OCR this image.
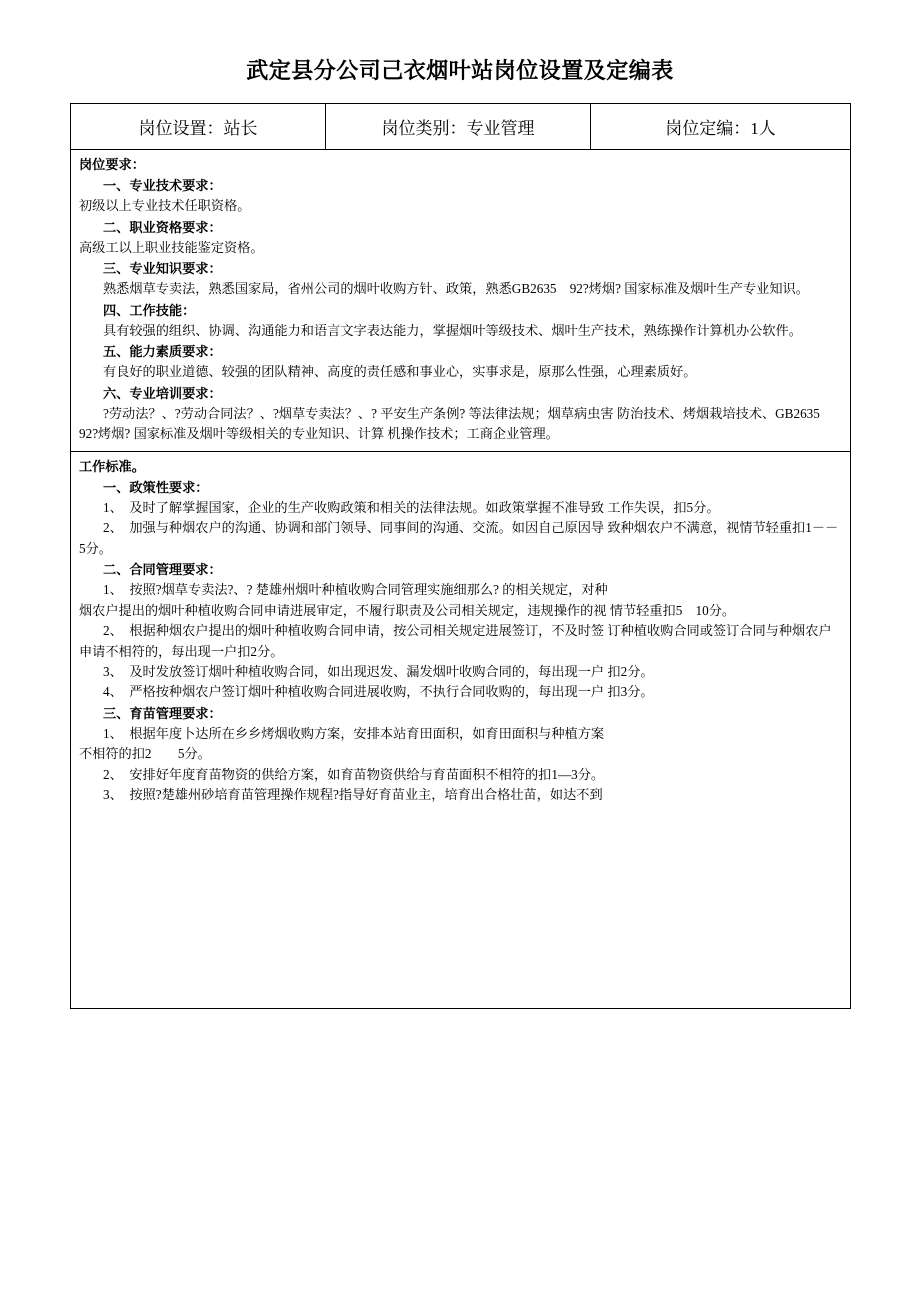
武定县分公司己衣烟叶站岗位设置及定编表
岗位设置：站长	岗位类别：专业管理	岗位定编：1人

岗位要求：
一、专业技术要求：
初级以上专业技术任职资格。
二、职业资格要求：
高级工以上职业技能鉴定资格。
三、专业知识要求：
熟悉烟草专卖法，熟悉国家局，省州公司的烟叶收购方针、政策，熟悉GB2635　92?烤烟? 国家标准及烟叶生产专业知识。
四、工作技能：
具有较强的组织、协调、沟通能力和语言文字表达能力，掌握烟叶等级技术、烟叶生产技术，熟练操作计算机办公软件。
五、能力素质要求：
有良好的职业道德、较强的团队精神、高度的责任感和事业心，实事求是，原那么性强，心理素质好。
六、专业培训要求：
?劳动法？、?劳动合同法？、?烟草专卖法？、? 平安生产条例? 等法律法规；烟草病虫害 防治技术、烤烟栽培技术、GB2635 92?烤烟? 国家标准及烟叶等级相关的专业知识、计算 机操作技术；工商企业管理。

工作标准。
一、政策性要求：
1、　及时了解掌握国家，企业的生产收购政策和相关的法律法规。如政策掌握不准导致 工作失误，扣5分。
2、　加强与种烟农户的沟通、协调和部门领导、同事间的沟通、交流。如因自己原因导 致种烟农户不满意，视情节轻重扣1－－5分。
二、合同管理要求：
1、　按照?烟草专卖法?、? 楚雄州烟叶种植收购合同管理实施细那么? 的相关规定，对种
烟农户提出的烟叶种植收购合同申请进展审定，不履行职责及公司相关规定，违规操作的视 情节轻重扣5　10分。
2、　根据种烟农户提出的烟叶种植收购合同申请，按公司相关规定进展签订，不及时签 订种植收购合同或签订合同与种烟农户申请不相符的，每出现一户扣2分。
3、　及时发放签订烟叶种植收购合同，如出现迟发、漏发烟叶收购合同的，每出现一户 扣2分。
4、　严格按种烟农户签订烟叶种植收购合同进展收购，不执行合同收购的，每出现一户 扣3分。
三、育苗管理要求：
1、　根据年度卜达所在乡乡烤烟收购方案，安排本站育田面积，如育田面积与种植方案
不相符的扣2　　5分。
2、　安排好年度育苗物资的供给方案，如育苗物资供给与育苗面积不相符的扣1—3分。
3、　按照?楚雄州砂培育苗管理操作规程?指导好育苗业主，培育出合格壮苗，如达不到
